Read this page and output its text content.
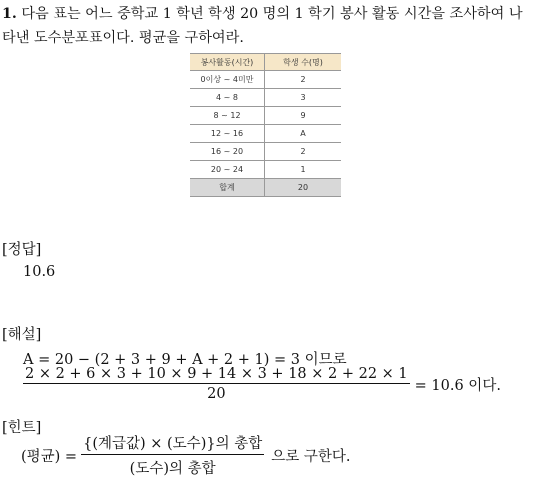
1. 다음 표는 어느 중학교 1 학년 학생 20 명의 1 학기 봉사 활동 시간을 조사하여 나타낸 도수분포표이다. 평균을 구하여라.
봉사활동(시간)	학생 수(명)
0이상 ~ 4미만	2
4 ~ 8	3
8 ~ 12	9
12 ~ 16	A
16 ~ 20	2
20 ~ 24	1
합계	20
[정답]
10.6
[해설]
A = 20 − (2 + 3 + 9 + A + 2 + 1) = 3 이므로
$\frac{2 \times 2 + 6 \times 3 + 10 \times 9 + 14 \times 3 + 18 \times 2 + 22 \times 1}{20} = 10.6$ 이다.
[힌트]
(평균) = $\frac{\text{\{(계급값) × (도수)\}의 총합}}{\text{(도수)의 총합}}$ 으로 구한다.
